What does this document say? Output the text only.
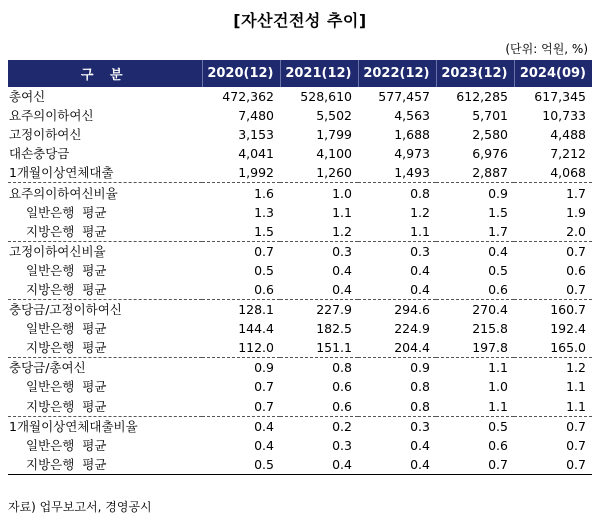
[자산건전성 추이]
(단위: 억원, %)
구 분	2020(12)	2021(12)	2022(12)	2023(12)	2024(09)
총여신	472,362	528,610	577,457	612,285	617,345
요주의이하여신	7,480	5,502	4,563	5,701	10,733
고정이하여신	3,153	1,799	1,688	2,580	4,488
대손충당금	4,041	4,100	4,973	6,976	7,212
1개월이상연체대출	1,992	1,260	1,493	2,887	4,068
요주의이하여신비율	1.6	1.0	0.8	0.9	1.7
일반은행  평균	1.3	1.1	1.2	1.5	1.9
지방은행  평균	1.5	1.2	1.1	1.7	2.0
고정이하여신비율	0.7	0.3	0.3	0.4	0.7
일반은행  평균	0.5	0.4	0.4	0.5	0.6
지방은행  평균	0.6	0.4	0.4	0.6	0.7
충당금/고정이하여신	128.1	227.9	294.6	270.4	160.7
일반은행  평균	144.4	182.5	224.9	215.8	192.4
지방은행  평균	112.0	151.1	204.4	197.8	165.0
충당금/총여신	0.9	0.8	0.9	1.1	1.2
일반은행  평균	0.7	0.6	0.8	1.0	1.1
지방은행  평균	0.7	0.6	0.8	1.1	1.1
1개월이상연체대출비율	0.4	0.2	0.3	0.5	0.7
일반은행  평균	0.4	0.3	0.4	0.6	0.7
지방은행  평균	0.5	0.4	0.4	0.7	0.7
자료) 업무보고서, 경영공시
